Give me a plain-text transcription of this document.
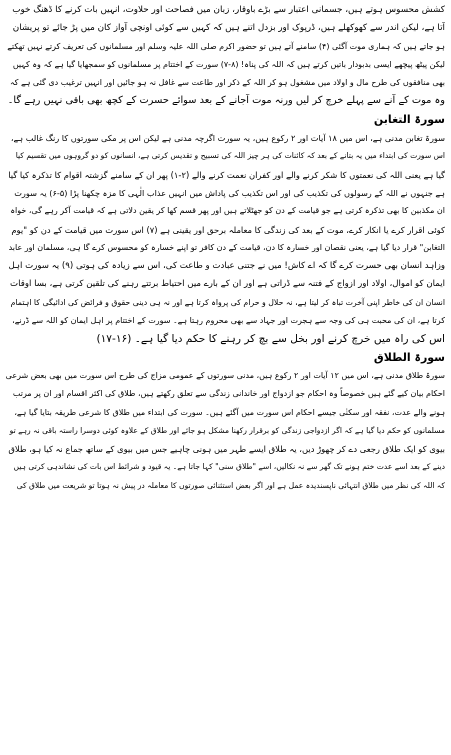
کشش محسوس ہوتے ہیں، جسمانی اعتبار سے بڑے باوقار، زبان میں فصاحت اور حلاوت، انہیں بات کرنے کا ڈھنگ خوب
آتا ہے، لیکن اندر سے کھوکھلے ہیں، ڈرپوک اور بزدل اتنے ہیں کہ کہیں سے کوئی اونچی آواز کان میں پڑ جائے تو پریشان
ہو جاتے ہیں کہ ہماری موت آگئی (۴) سامنے آتے ہیں تو حضور اکرم صلی اللہ علیہ وسلم اور مسلمانوں کی تعریف کرتے نہیں تھکتے
لیکن پیٹھ پیچھے ایسی بدبودار باتیں کرتے ہیں کہ اللہ کی پناہ! (۸-۷) سورت کے اختتام پر مسلمانوں کو سمجھایا گیا ہے کہ وہ کہیں
بھی منافقوں کی طرح مال و اولاد میں مشغول ہو کر اللہ کے ذکر اور طاعت سے غافل نہ ہو جائیں اور انہیں ترغیب دی گئی ہے کہ
وہ موت کے آنے سے پہلے خرچ کر لیں ورنہ موت آجانے کے بعد سوائے حسرت کے کچھ بھی باقی نہیں رہے گا۔
سورۃ التغابن
سورۃ تغابن مدنی ہے، اس میں ۱۸ آیات اور ۲ رکوع ہیں، یہ سورت اگرچہ مدنی ہے لیکن اس پر مکی سورتوں کا رنگ غالب ہے،
اس سورت کی ابتداء میں یہ بتانے کے بعد کہ کائنات کی ہر چیز اللہ کی تسبیح و تقدیس کرتی ہے، انسانوں کو دو گروہوں میں تقسیم کیا
گیا ہے یعنی اللہ کی نعمتوں کا شکر کرنے والے اور کفران نعمت کرنے والے (۲-۱) پھر ان کے سامنے گزشتہ اقوام کا تذکرہ کیا گیا
ہے جنہوں نے اللہ کے رسولوں کی تکذیب کی اور اس تکذیب کی پاداش میں انہیں عذاب الٰہی کا مزہ چکھنا پڑا (۵-۶) یہ سورت
ان مکذبین کا بھی تذکرہ کرتی ہے جو قیامت کے دن کو جھٹلاتے ہیں اور پھر قسم کھا کر یقین دلاتی ہے کہ قیامت آکر رہے گی، خواہ
کوئی اقرار کرے یا انکار کرے، موت کے بعد کی زندگی کا معاملہ برحق اور یقینی ہے (۷) اس سورت میں قیامت کے دن کو "یوم
التغابن" قرار دیا گیا ہے، یعنی نقصان اور خسارہ کا دن، قیامت کے دن کافر تو اپنے خسارہ کو محسوس کرے گا ہی، مسلمان اور عابد
وزاہد انسان بھی حسرت کرے گا کہ اے کاش! میں نے جتنی عبادت و طاعت کی، اس سے زیادہ کی ہوتی (۹) یہ سورت اہل
ایمان کو اموال، اولاد اور ازواج کے فتنہ سے ڈراتی ہے اور ان کے بارے میں احتیاط برتتے رہنے کی تلقین کرتی ہے، بسا اوقات
انسان ان کی خاطر اپنی آخرت تباہ کر لیتا ہے، نہ حلال و حرام کی پرواہ کرتا ہے اور نہ ہی دینی حقوق و فرائض کی ادائیگی کا اہتمام
کرتا ہے، ان کی محبت ہی کی وجہ سے ہجرت اور جہاد سے بھی محروم رہتا ہے۔ سورت کے اختتام پر اہل ایمان کو اللہ سے ڈرنے،
اس کی راہ میں خرچ کرنے اور بخل سے بچ کر رہنے کا حکم دیا گیا ہے۔ (۱۶-۱۷)
سورۃ الطلاق
سورۃ طلاق مدنی ہے، اس میں ۱۲ آیات اور ۲ رکوع ہیں، مدنی سورتوں کے عمومی مزاج کی طرح اس سورت میں بھی بعض شرعی
احکام بیان کیے گئے ہیں خصوصاً وہ احکام جو ازدواج اور خاندانی زندگی سے تعلق رکھتے ہیں، طلاق کی اکثر اقسام اور ان پر مرتب
ہونے والے عدت، نفقہ اور سکنٰی جیسے احکام اس سورت میں آگئے ہیں۔ سورت کی ابتداء میں طلاق کا شرعی طریقہ بتایا گیا ہے،
مسلمانوں کو حکم دیا گیا ہے کہ اگر ازدواجی زندگی کو برقرار رکھنا مشکل ہو جائے اور طلاق کے علاوہ کوئی دوسرا راستہ باقی نہ رہے تو
بیوی کو ایک طلاق رجعی دے کر چھوڑ دیں، یہ طلاق ایسے طہر میں ہونی چاہیے جس میں بیوی کے ساتھ جماع نہ کیا ہو، طلاق
دینے کے بعد اسے عدت ختم ہونے تک گھر سے نہ نکالیں، اسے "طلاق سنی" کہا جاتا ہے۔ یہ قیود و شرائط اس بات کی نشاندہی کرتی ہیں
کہ اللہ کی نظر میں طلاق انتہائی ناپسندیدہ عمل ہے اور اگر بعض استثنائی صورتوں کا معاملہ در پیش نہ ہوتا تو شریعت میں طلاق کی
